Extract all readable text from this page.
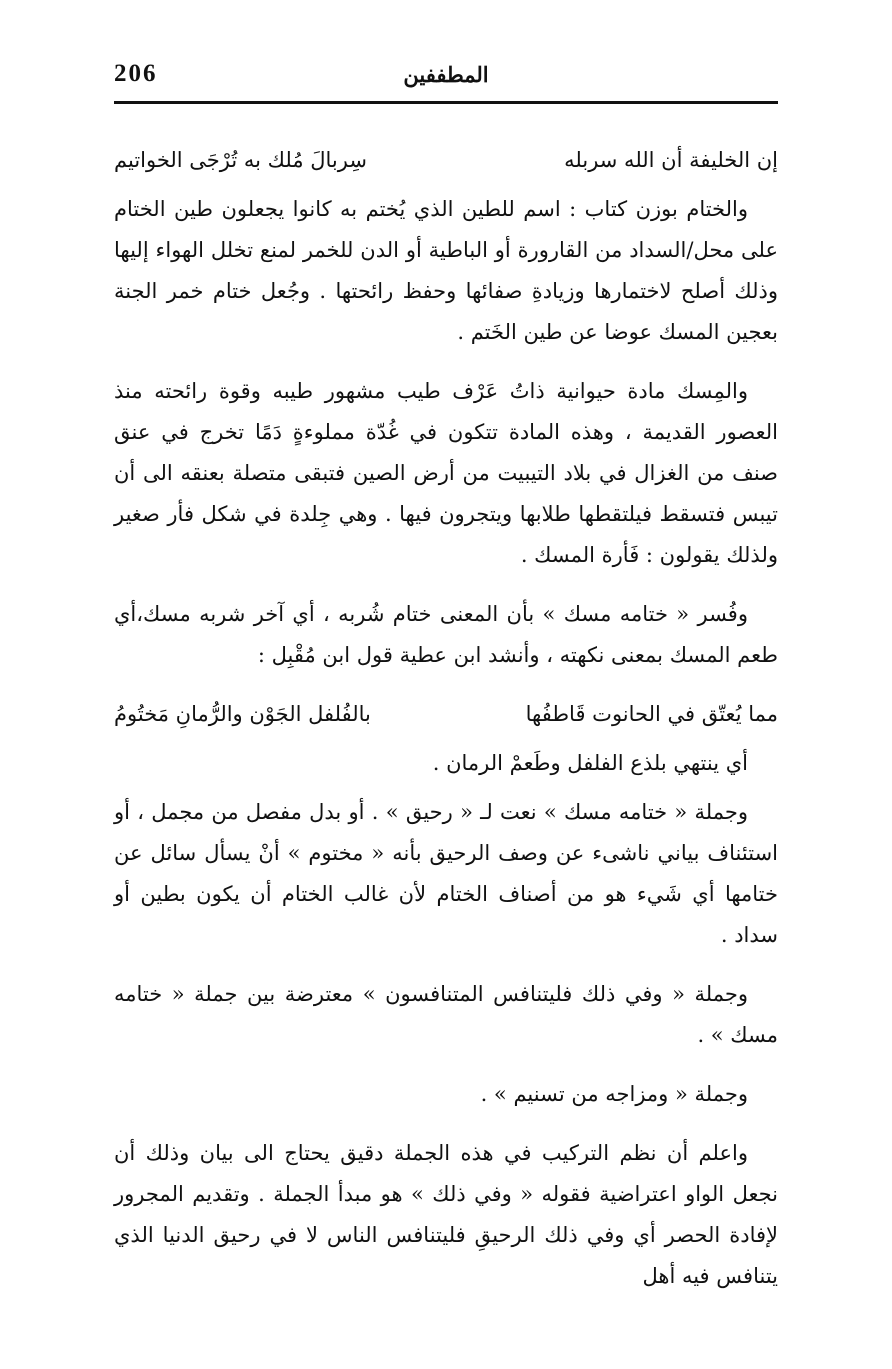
206	المطففين
إن الخليفة أن الله سربله
سِربالَ مُلك به تُرْجَى الخواتيم

والختام بوزن كتاب : اسم للطين الذي يُختم به كانوا يجعلون طين الختام على محل/السداد من القارورة أو الباطية أو الدن للخمر لمنع تخلل الهواء إليها وذلك أصلح لاختمارها وزيادةِ صفائها وحفظ رائحتها . وجُعل ختام خمر الجنة بعجين المسك عوضا عن طين الخَتم .

والمِسك مادة حيوانية ذاتُ عَرْف طيب مشهور طيبه وقوة رائحته منذ العصور القديمة ، وهذه المادة تتكون في غُدّة مملوءةٍ دَمًا تخرج في عنق صنف من الغزال في بلاد التيبيت من أرض الصين فتبقى متصلة بعنقه الى أن تيبس فتسقط فيلتقطها طلابها ويتجرون فيها . وهي جِلدة في شكل فأر صغير ولذلك يقولون : فَأرة المسك .

وفُسر « ختامه مسك » بأن المعنى ختام شُربه ، أي آخر شربه مسك،أي طعم المسك بمعنى نكهته ، وأنشد ابن عطية قول ابن مُقْبِل :

مما يُعتّق في الحانوت قَاطفُها
بالفُلفل الجَوْن والرُّمانِ مَختُومُ

أي ينتهي بلذع الفلفل وطَعمْ الرمان .

وجملة « ختامه مسك » نعت لـ « رحيق » . أو بدل مفصل من مجمل ، أو استئناف بياني ناشىء عن وصف الرحيق بأنه « مختوم » أنْ يسأل سائل عن ختامها أي شَيء هو من أصناف الختام لأن غالب الختام أن يكون بطين أو سداد .

وجملة « وفي ذلك فليتنافس المتنافسون » معترضة بين جملة « ختامه مسك » .

وجملة « ومزاجه من تسنيم » .

واعلم أن نظم التركيب في هذه الجملة دقيق يحتاج الى بيان وذلك أن نجعل الواو اعتراضية فقوله « وفي ذلك » هو مبدأ الجملة . وتقديم المجرور لإفادة الحصر أي وفي ذلك الرحيقِ فليتنافس الناس لا في رحيق الدنيا الذي يتنافس فيه أهل
